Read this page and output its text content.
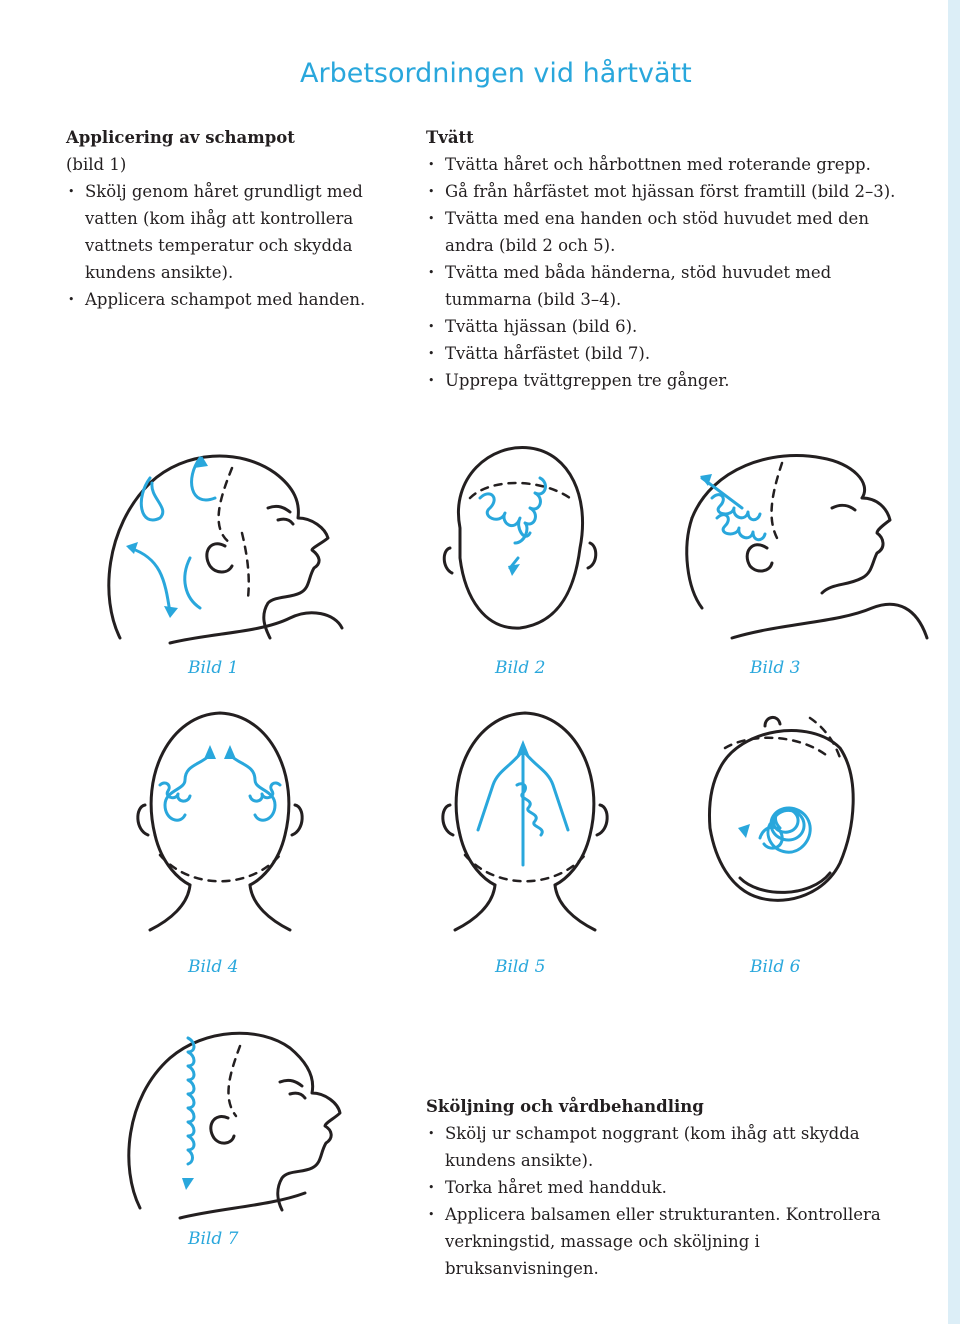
Arbetsordningen vid hårtvätt
Applicering av schampot

(bild 1)

• Skölj genom håret grundligt med vatten (kom ihåg att kontrollera vattnets temperatur och skydda kundens ansikte).
• Applicera schampot med handen.
Tvätt
• Tvätta håret och hårbottnen med roterande grepp.
• Gå från hårfästet mot hjässan först framtill (bild 2–3).
• Tvätta med ena handen och stöd huvudet med den andra (bild 2 och 5).
• Tvätta med båda händerna, stöd huvudet med tummarna (bild 3–4).
• Tvätta hjässan (bild 6).
• Tvätta hårfästet (bild 7).
• Upprepa tvättgreppen tre gånger.
Sköljning och vårdbehandling
• Skölj ur schampot noggrant (kom ihåg att skydda kundens ansikte).
• Torka håret med handduk.
• Applicera balsamen eller strukturanten. Kontrollera verkningstid, massage och sköljning i bruksanvisningen.
Bild 1	Bild 2	Bild 3
Bild 4	Bild 5	Bild 6
Bild 7
